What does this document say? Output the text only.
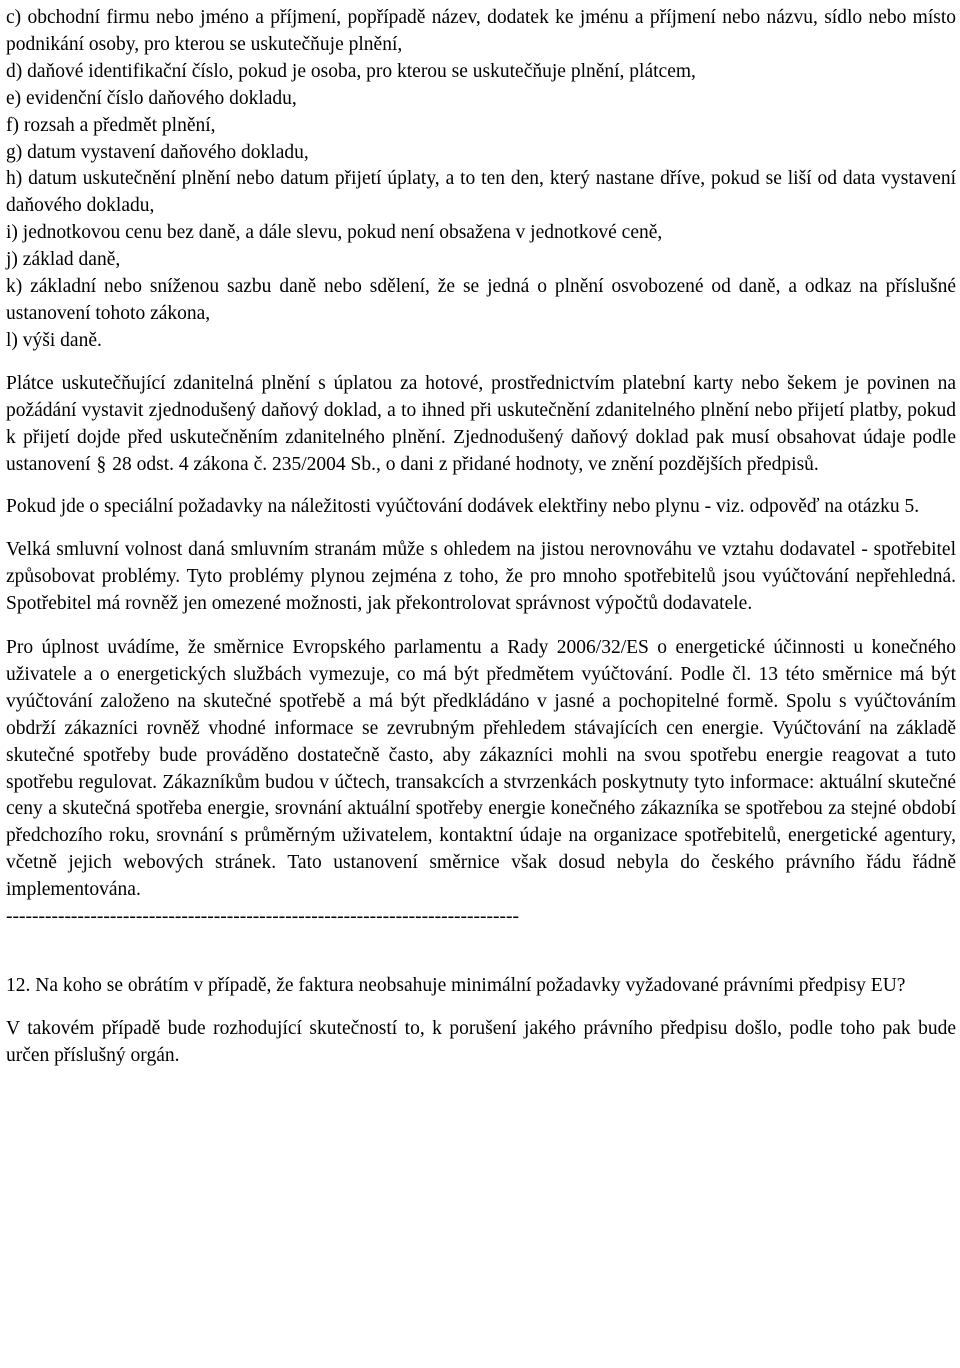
c) obchodní firmu nebo jméno a příjmení, popřípadě název, dodatek ke jménu a příjmení nebo názvu, sídlo nebo místo podnikání osoby, pro kterou se uskutečňuje plnění,

d) daňové identifikační číslo, pokud je osoba, pro kterou se uskutečňuje plnění, plátcem,

e) evidenční číslo daňového dokladu,

f) rozsah a předmět plnění,

g) datum vystavení daňového dokladu,

h) datum uskutečnění plnění nebo datum přijetí úplaty, a to ten den, který nastane dříve, pokud se liší od data vystavení daňového dokladu,

i) jednotkovou cenu bez daně, a dále slevu, pokud není obsažena v jednotkové ceně,

j) základ daně,

k) základní nebo sníženou sazbu daně nebo sdělení, že se jedná o plnění osvobozené od daně, a odkaz na příslušné ustanovení tohoto zákona,

l) výši daně.

Plátce uskutečňující zdanitelná plnění s úplatou za hotové, prostřednictvím platební karty nebo šekem je povinen na požádání vystavit zjednodušený daňový doklad, a to ihned při uskutečnění zdanitelného plnění nebo přijetí platby, pokud k přijetí dojde před uskutečněním zdanitelného plnění. Zjednodušený daňový doklad pak musí obsahovat údaje podle ustanovení § 28 odst. 4 zákona č. 235/2004 Sb., o dani z přidané hodnoty, ve znění pozdějších předpisů.

Pokud jde o speciální požadavky na náležitosti vyúčtování dodávek elektřiny nebo plynu - viz. odpověď na otázku 5.

Velká smluvní volnost daná smluvním stranám může s ohledem na jistou nerovnováhu ve vztahu dodavatel - spotřebitel způsobovat problémy. Tyto problémy plynou zejména z toho, že pro mnoho spotřebitelů jsou vyúčtování nepřehledná. Spotřebitel má rovněž jen omezené možnosti, jak překontrolovat správnost výpočtů dodavatele.

Pro úplnost uvádíme, že směrnice Evropského parlamentu a Rady 2006/32/ES o energetické účinnosti u konečného uživatele a o energetických službách vymezuje, co má být předmětem vyúčtování. Podle čl. 13 této směrnice má být vyúčtování založeno na skutečné spotřebě a má být předkládáno v jasné a pochopitelné formě. Spolu s vyúčtováním obdrží zákazníci rovněž vhodné informace se zevrubným přehledem stávajících cen energie. Vyúčtování na základě skutečné spotřeby bude prováděno dostatečně často, aby zákazníci mohli na svou spotřebu energie reagovat a tuto spotřebu regulovat. Zákazníkům budou v účtech, transakcích a stvrzenkách poskytnuty tyto informace: aktuální skutečné ceny a skutečná spotřeba energie, srovnání aktuální spotřeby energie konečného zákazníka se spotřebou za stejné období předchozího roku, srovnání s průměrným uživatelem, kontaktní údaje na organizace spotřebitelů, energetické agentury, včetně jejich webových stránek. Tato ustanovení směrnice však dosud nebyla do českého právního řádu řádně implementována.

-------------------------------------------------------------------------------

12. Na koho se obrátím v případě, že faktura neobsahuje minimální požadavky vyžadované právními předpisy EU?

V takovém případě bude rozhodující skutečností to, k porušení jakého právního předpisu došlo, podle toho pak bude určen příslušný orgán.
